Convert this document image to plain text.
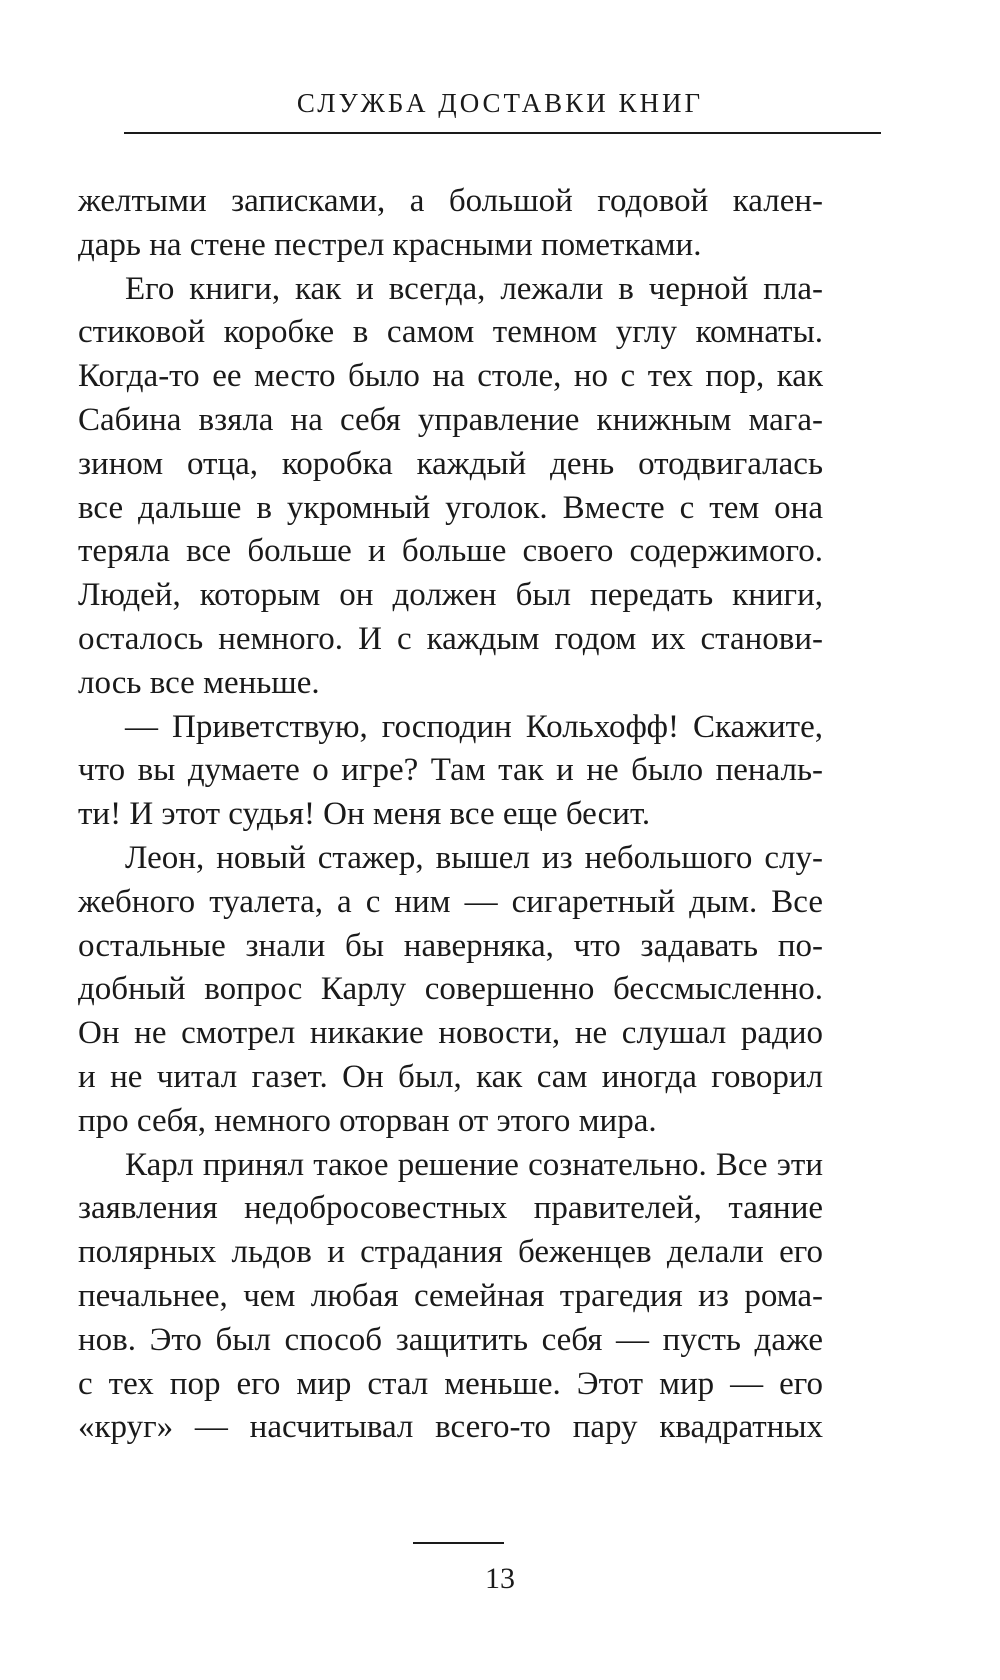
СЛУЖБА ДОСТАВКИ КНИГ
желтыми записками, а большой годовой кален-
дарь на стене пестрел красными пометками.
Его книги, как и всегда, лежали в черной пла-
стиковой коробке в самом темном углу комнаты.
Когда-то ее место было на столе, но с тех пор, как
Сабина взяла на себя управление книжным мага-
зином отца, коробка каждый день отодвигалась
все дальше в укромный уголок. Вместе с тем она
теряла все больше и больше своего содержимого.
Людей, которым он должен был передать книги,
осталось немного. И с каждым годом их станови-
лось все меньше.
— Приветствую, господин Кольхофф! Скажите,
что вы думаете о игре? Там так и не было пеналь-
ти! И этот судья! Он меня все еще бесит.
Леон, новый стажер, вышел из небольшого слу-
жебного туалета, а с ним — сигаретный дым. Все
остальные знали бы наверняка, что задавать по-
добный вопрос Карлу совершенно бессмысленно.
Он не смотрел никакие новости, не слушал радио
и не читал газет. Он был, как сам иногда говорил
про себя, немного оторван от этого мира.
Карл принял такое решение сознательно. Все эти
заявления недобросовестных правителей, таяние
полярных льдов и страдания беженцев делали его
печальнее, чем любая семейная трагедия из рома-
нов. Это был способ защитить себя — пусть даже
с тех пор его мир стал меньше. Этот мир — его
«круг» — насчитывал всего-то пару квадратных
13
